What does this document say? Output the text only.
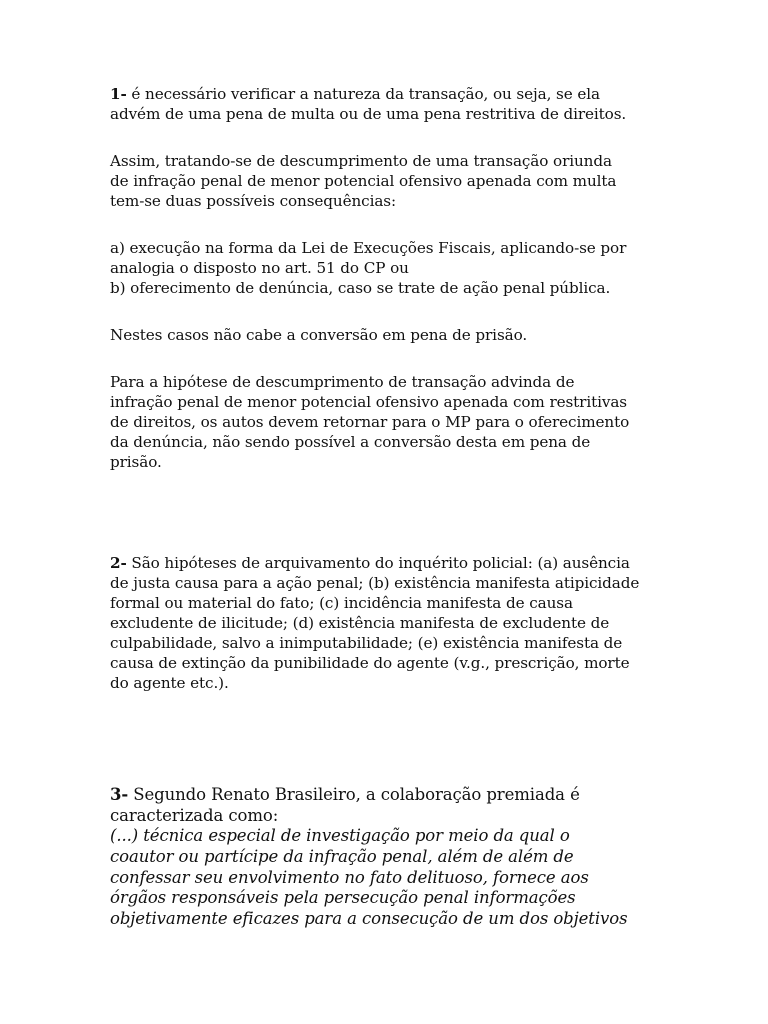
1- é necessário verificar a natureza da transação, ou seja, se ela
advém de uma pena de multa ou de uma pena restritiva de direitos.
Assim, tratando-se de descumprimento de uma transação oriunda
de infração penal de menor potencial ofensivo apenada com multa
tem-se duas possíveis consequências:
a) execução na forma da Lei de Execuções Fiscais, aplicando-se por
analogia o disposto no art. 51 do CP ou
b) oferecimento de denúncia, caso se trate de ação penal pública.
Nestes casos não cabe a conversão em pena de prisão.
Para a hipótese de descumprimento de transação advinda de
infração penal de menor potencial ofensivo apenada com restritivas
de direitos, os autos devem retornar para o MP para o oferecimento
da denúncia, não sendo possível a conversão desta em pena de
prisão.
2- São hipóteses de arquivamento do inquérito policial: (a) ausência
de justa causa para a ação penal; (b) existência manifesta atipicidade
formal ou material do fato; (c) incidência manifesta de causa
excludente de ilicitude; (d) existência manifesta de excludente de
culpabilidade, salvo a inimputabilidade; (e) existência manifesta de
causa de extinção da punibilidade do agente (v.g., prescrição, morte
do agente etc.).
3- Segundo Renato Brasileiro, a colaboração premiada é
caracterizada como:
(...) técnica especial de investigação por meio da qual o
coautor ou partícipe da infração penal, além de além de
confessar seu envolvimento no fato delituoso, fornece aos
órgãos responsáveis pela persecução penal informações
objetivamente eficazes para a consecução de um dos objetivos
